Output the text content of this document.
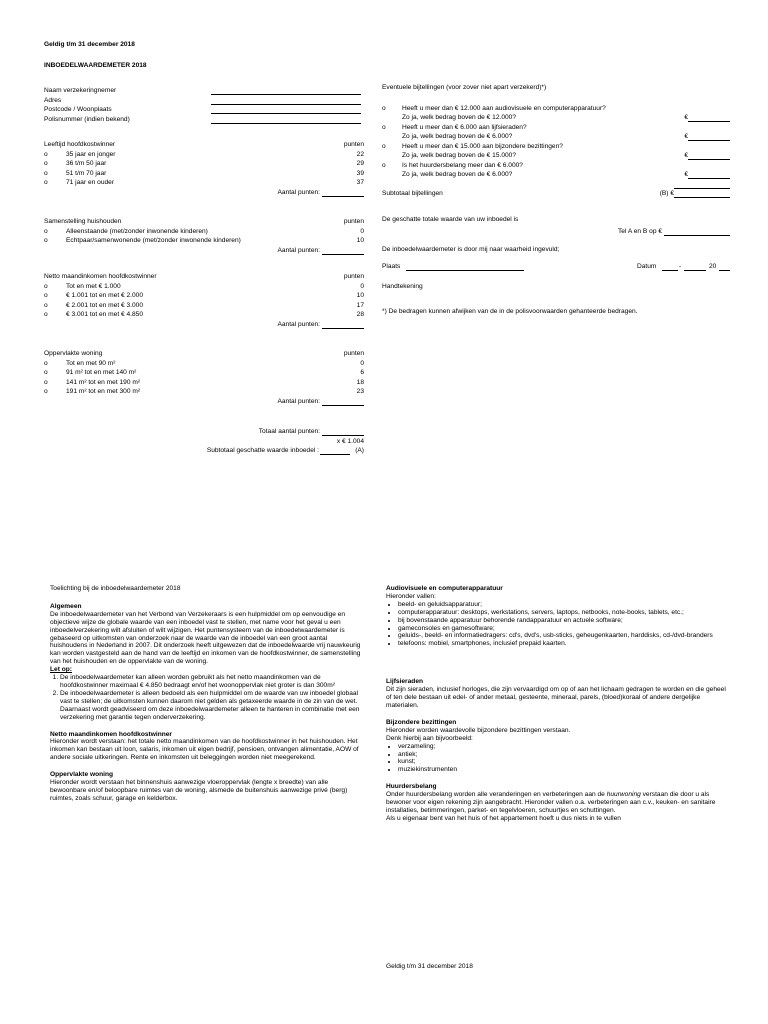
Geldig t/m 31 december 2018
INBOEDELWAARDEMETER 2018
Naam verzekeringnemer
Adres
Postcode / Woonplaats
Polisnummer (indien bekend)
Leeftijd hoofdkostwinner	punten
o	35 jaar en jonger	22
o	36 t/m 50 jaar	29
o	51 t/m 70 jaar	39
o	71 jaar en ouder	37
Aantal punten:
Samenstelling huishouden	punten
o	Alleenstaande (met/zonder inwonende kinderen)	0
o	Echtpaar/samenwonende (met/zonder inwonende kinderen)	10
Aantal punten:
Netto maandinkomen hoofdkostwinner	punten
o	Tot en met € 1.000	0
o	€ 1.001 tot en met € 2.000	10
o	€ 2.001 tot en met € 3.000	17
o	€ 3.001 tot en met € 4.850	28
Aantal punten:
Oppervlakte woning	punten
o	Tot en met 90 m²	0
o	91 m² tot en met 140 m²	6
o	141 m² tot en met 190 m²	18
o	191 m² tot en met 300 m²	23
Aantal punten:
Totaal aantal punten:
x € 1.004
Subtotaal geschatte waarde inboedel :	(A)
Eventuele bijtellingen (voor zover niet apart verzekerd)*)
o Heeft u meer dan € 12.000 aan audiovisuele en computerapparatuur?
Zo ja, welk bedrag boven de € 12.000?	€
o Heeft u meer dan € 6.000 aan lijfsieraden?
Zo ja, welk bedrag boven de € 6.000?	€
o Heeft u meer dan € 15.000 aan bijzondere bezittingen?
Zo ja, welk bedrag boven de € 15.000?	€
o Is het huurdersbelang meer dan € 6.000?
Zo ja, welk bedrag boven de € 6.000?	€
Subtotaal bijtellingen	(B) €
De geschatte totale waarde van uw inboedel is
Tel A en B op €
De inboedelwaardemeter is door mij naar waarheid ingevuld;
Plaats	Datum	-	20
Handtekening
*) De bedragen kunnen afwijken van de in de polisvoorwaarden gehanteerde bedragen.
Toelichting bij de inboedelwaardemeter 2018
Algemeen

De inboedelwaardemeter van het Verbond van Verzekeraars is een hulpmiddel om op eenvoudige en objectieve wijze de globale waarde van een inboedel vast te stellen, met name voor het geval u een inboedelverzekering wilt afsluiten of wilt wijzigen. Het puntensysteem van de inboedelwaardemeter is gebaseerd op uitkomsten van onderzoek naar de waarde van de inboedel van een groot aantal huishoudens in Nederland in 2007. Dit onderzoek heeft uitgewezen dat de inboedelwaarde vrij nauwkeurig kan worden vastgesteld aan de hand van de leeftijd en inkomen van de hoofdkostwinner, de samenstelling van het huishouden en de oppervlakte van de woning.

Let op:
1. De inboedelwaardemeter kan alleen worden gebruikt als het netto maandinkomen van de hoofdkostwinner maximaal € 4.850 bedraagt en/of het woonoppervlak niet groter is dan 300m²
2. De inboedelwaardemeter is alleen bedoeld als een hulpmiddel om de waarde van uw inboedel globaal vast te stellen; de uitkomsten kunnen daarom niet gelden als getaxeerde waarde in de zin van de wet. Daarnaast wordt geadviseerd om deze inboedelwaardemeter alleen te hanteren in combinatie met een verzekering met garantie tegen onderverzekering.
Netto maandinkomen hoofdkostwinner

Hieronder wordt verstaan: het totale netto maandinkomen van de hoofdkostwinner in het huishouden. Het inkomen kan bestaan uit loon, salaris, inkomen uit eigen bedrijf, pensioen, ontvangen alimentatie, AOW of andere sociale uitkeringen. Rente en inkomsten uit beleggingen worden niet meegerekend.

Oppervlakte woning

Hieronder wordt verstaan het binnenshuis aanwezige vloeroppervlak (lengte x breedte) van alle bewoonbare en/of beloopbare ruimtes van de woning, alsmede de buitenshuis aanwezige privé (berg) ruimtes, zoals schuur, garage en kelderbox.

Audiovisuele en computerapparatuur
Hieronder vallen:
• beeld- en geluidsapparatuur;
• computerapparatuur: desktops, werkstations, servers, laptops, netbooks, note-books, tablets, etc.;
• bij bovenstaande apparatuur behorende randapparatuur en actuele software;
• gameconsoles en gamesoftware;
• geluids-, beeld- en informatiedragers: cd's, dvd's, usb-sticks, geheugenkaarten, harddisks, cd-/dvd-branders
• telefoons: mobiel, smartphones, inclusief prepaid kaarten.
Lijfsieraden

Dit zijn sieraden, inclusief horloges, die zijn vervaardigd om op of aan het lichaam gedragen te worden en die geheel of ten dele bestaan uit edel- of ander metaal, gesteente, mineraal, parels, (bloed)koraal of andere dergelijke materialen.

Bijzondere bezittingen
Hieronder worden waardevolle bijzondere bezittingen verstaan.
Denk hierbij aan bijvoorbeeld:
• verzameling;
• antiek;
• kunst;
• muziekinstrumenten
Huurdersbelang

Onder huurdersbelang worden alle veranderingen en verbeteringen aan de huurwoning verstaan die door u als bewoner voor eigen rekening zijn aangebracht. Hieronder vallen o.a. verbeteringen aan c.v., keuken- en sanitaire installaties, betimmeringen, parket- en tegelvloeren, schuurtjes en schuttingen.

Als u eigenaar bent van het huis of het appartement hoeft u dus niets in te vullen

Geldig t/m 31 december 2018
